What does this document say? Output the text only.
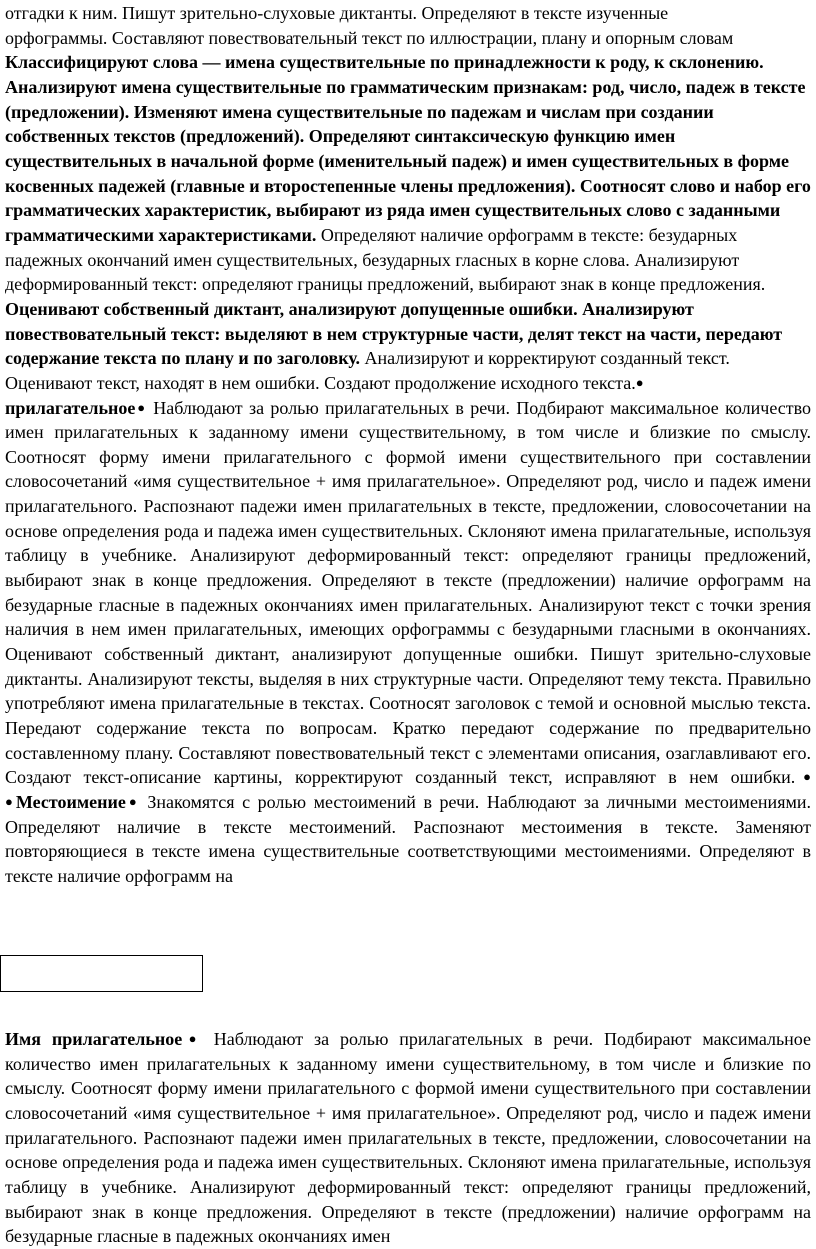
отгадки к ним. Пишут зрительно-слуховые диктанты. Определяют в тексте изученные
орфограммы. Составляют повествовательный текст по иллюстрации, плану и опорным словам
Классифицируют слова — имена существительные по принадлежности к роду, к склонению. Анализируют имена существительные по грамматическим признакам: род, число, падеж в тексте (предложении). Изменяют имена существительные по падежам и числам при создании собственных текстов (предложений). Определяют синтаксическую функцию имен существительных в начальной форме (именительный падеж) и имен существительных в форме косвенных падежей (главные и второстепенные члены предложения). Соотносят слово и набор его грамматических характеристик, выбирают из ряда имен существительных слово с заданными грамматическими характеристиками. Определяют наличие орфограмм в тексте: безударных падежных окончаний имен существительных, безударных гласных в корне слова. Анализируют деформированный текст: определяют границы предложений, выбирают знак в конце предложения. Оценивают собственный диктант, анализируют допущенные ошибки. Анализируют повествовательный текст: выделяют в нем структурные части, делят текст на части, передают содержание текста по плану и по заголовку. Анализируют и корректируют созданный текст. Оценивают текст, находят в нем ошибки. Создают продолжение исходного текста.●

прилагательное● Наблюдают за ролью прилагательных в речи. Подбирают максимальное количество имен прилагательных к заданному имени существительному, в том числе и близкие по смыслу. Соотносят форму имени прилагательного с формой имени существительного при составлении словосочетаний «имя существительное + имя прилагательное». Определяют род, число и падеж имени прилагательного. Распознают падежи имен прилагательных в тексте, предложении, словосочетании на основе определения рода и падежа имен существительных. Склоняют имена прилагательные, используя таблицу в учебнике. Анализируют деформированный текст: определяют границы предложений, выбирают знак в конце предложения. Определяют в тексте (предложении) наличие орфограмм на безударные гласные в падежных окончаниях имен прилагательных. Анализируют текст с точки зрения наличия в нем имен прилагательных, имеющих орфограммы с безударными гласными в окончаниях. Оценивают собственный диктант, анализируют допущенные ошибки. Пишут зрительно-слуховые диктанты. Анализируют тексты, выделяя в них структурные части. Определяют тему текста. Правильно употребляют имена прилагательные в текстах. Соотносят заголовок с темой и основной мыслью текста. Передают содержание текста по вопросам. Кратко передают содержание по предварительно составленному плану. Составляют повествовательный текст с элементами описания, озаглавливают его. Создают текст-описание картины, корректируют созданный текст, исправляют в нем ошибки.● ●Местоимение● Знакомятся с ролью местоимений в речи. Наблюдают за личными местоимениями. Определяют наличие в тексте местоимений. Распознают местоимения в тексте. Заменяют повторяющиеся в тексте имена существительные соответствующими местоимениями. Определяют в тексте наличие орфограмм на

Имя прилагательное● Наблюдают за ролью прилагательных в речи. Подбирают максимальное количество имен прилагательных к заданному имени существительному, в том числе и близкие по смыслу. Соотносят форму имени прилагательного с формой имени существительного при составлении словосочетаний «имя существительное + имя прилагательное». Определяют род, число и падеж имени прилагательного. Распознают падежи имен прилагательных в тексте, предложении, словосочетании на основе определения рода и падежа имен существительных. Склоняют имена прилагательные, используя таблицу в учебнике. Анализируют деформированный текст: определяют границы предложений, выбирают знак в конце предложения. Определяют в тексте (предложении) наличие орфограмм на безударные гласные в падежных окончаниях имен
